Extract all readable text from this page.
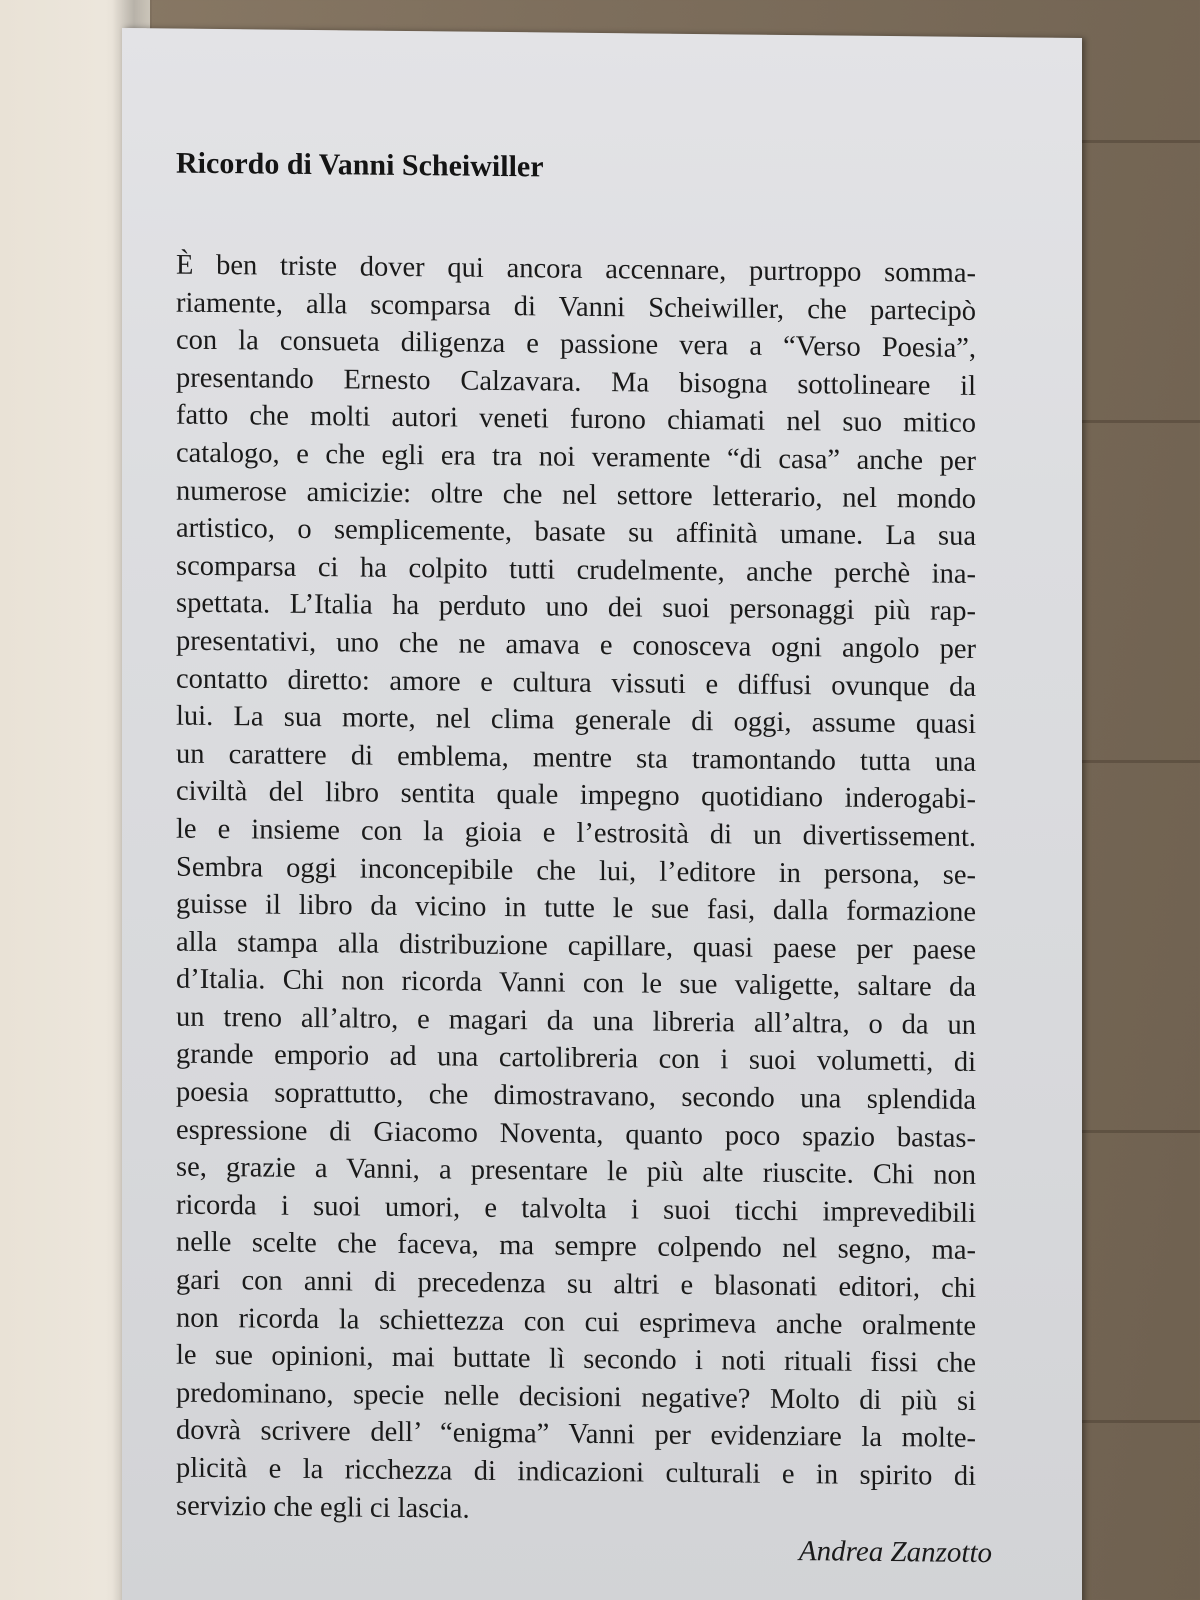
Ricordo di Vanni Scheiwiller
È ben triste dover qui ancora accennare, purtroppo somma-
riamente, alla scomparsa di Vanni Scheiwiller, che partecipò
con la consueta diligenza e passione vera a “Verso Poesia”,
presentando Ernesto Calzavara. Ma bisogna sottolineare il
fatto che molti autori veneti furono chiamati nel suo mitico
catalogo, e che egli era tra noi veramente “di casa” anche per
numerose amicizie: oltre che nel settore letterario, nel mondo
artistico, o semplicemente, basate su affinità umane. La sua
scomparsa ci ha colpito tutti crudelmente, anche perchè ina-
spettata. L’Italia ha perduto uno dei suoi personaggi più rap-
presentativi, uno che ne amava e conosceva ogni angolo per
contatto diretto: amore e cultura vissuti e diffusi ovunque da
lui. La sua morte, nel clima generale di oggi, assume quasi
un carattere di emblema, mentre sta tramontando tutta una
civiltà del libro sentita quale impegno quotidiano inderogabi-
le e insieme con la gioia e l’estrosità di un divertissement.
Sembra oggi inconcepibile che lui, l’editore in persona, se-
guisse il libro da vicino in tutte le sue fasi, dalla formazione
alla stampa alla distribuzione capillare, quasi paese per paese
d’Italia. Chi non ricorda Vanni con le sue valigette, saltare da
un treno all’altro, e magari da una libreria all’altra, o da un
grande emporio ad una cartolibreria con i suoi volumetti, di
poesia soprattutto, che dimostravano, secondo una splendida
espressione di Giacomo Noventa, quanto poco spazio bastas-
se, grazie a Vanni, a presentare le più alte riuscite. Chi non
ricorda i suoi umori, e talvolta i suoi ticchi imprevedibili
nelle scelte che faceva, ma sempre colpendo nel segno, ma-
gari con anni di precedenza su altri e blasonati editori, chi
non ricorda la schiettezza con cui esprimeva anche oralmente
le sue opinioni, mai buttate lì secondo i noti rituali fissi che
predominano, specie nelle decisioni negative? Molto di più si
dovrà scrivere dell’ “enigma” Vanni per evidenziare la molte-
plicità e la ricchezza di indicazioni culturali e in spirito di
servizio che egli ci lascia.

Andrea Zanzotto
